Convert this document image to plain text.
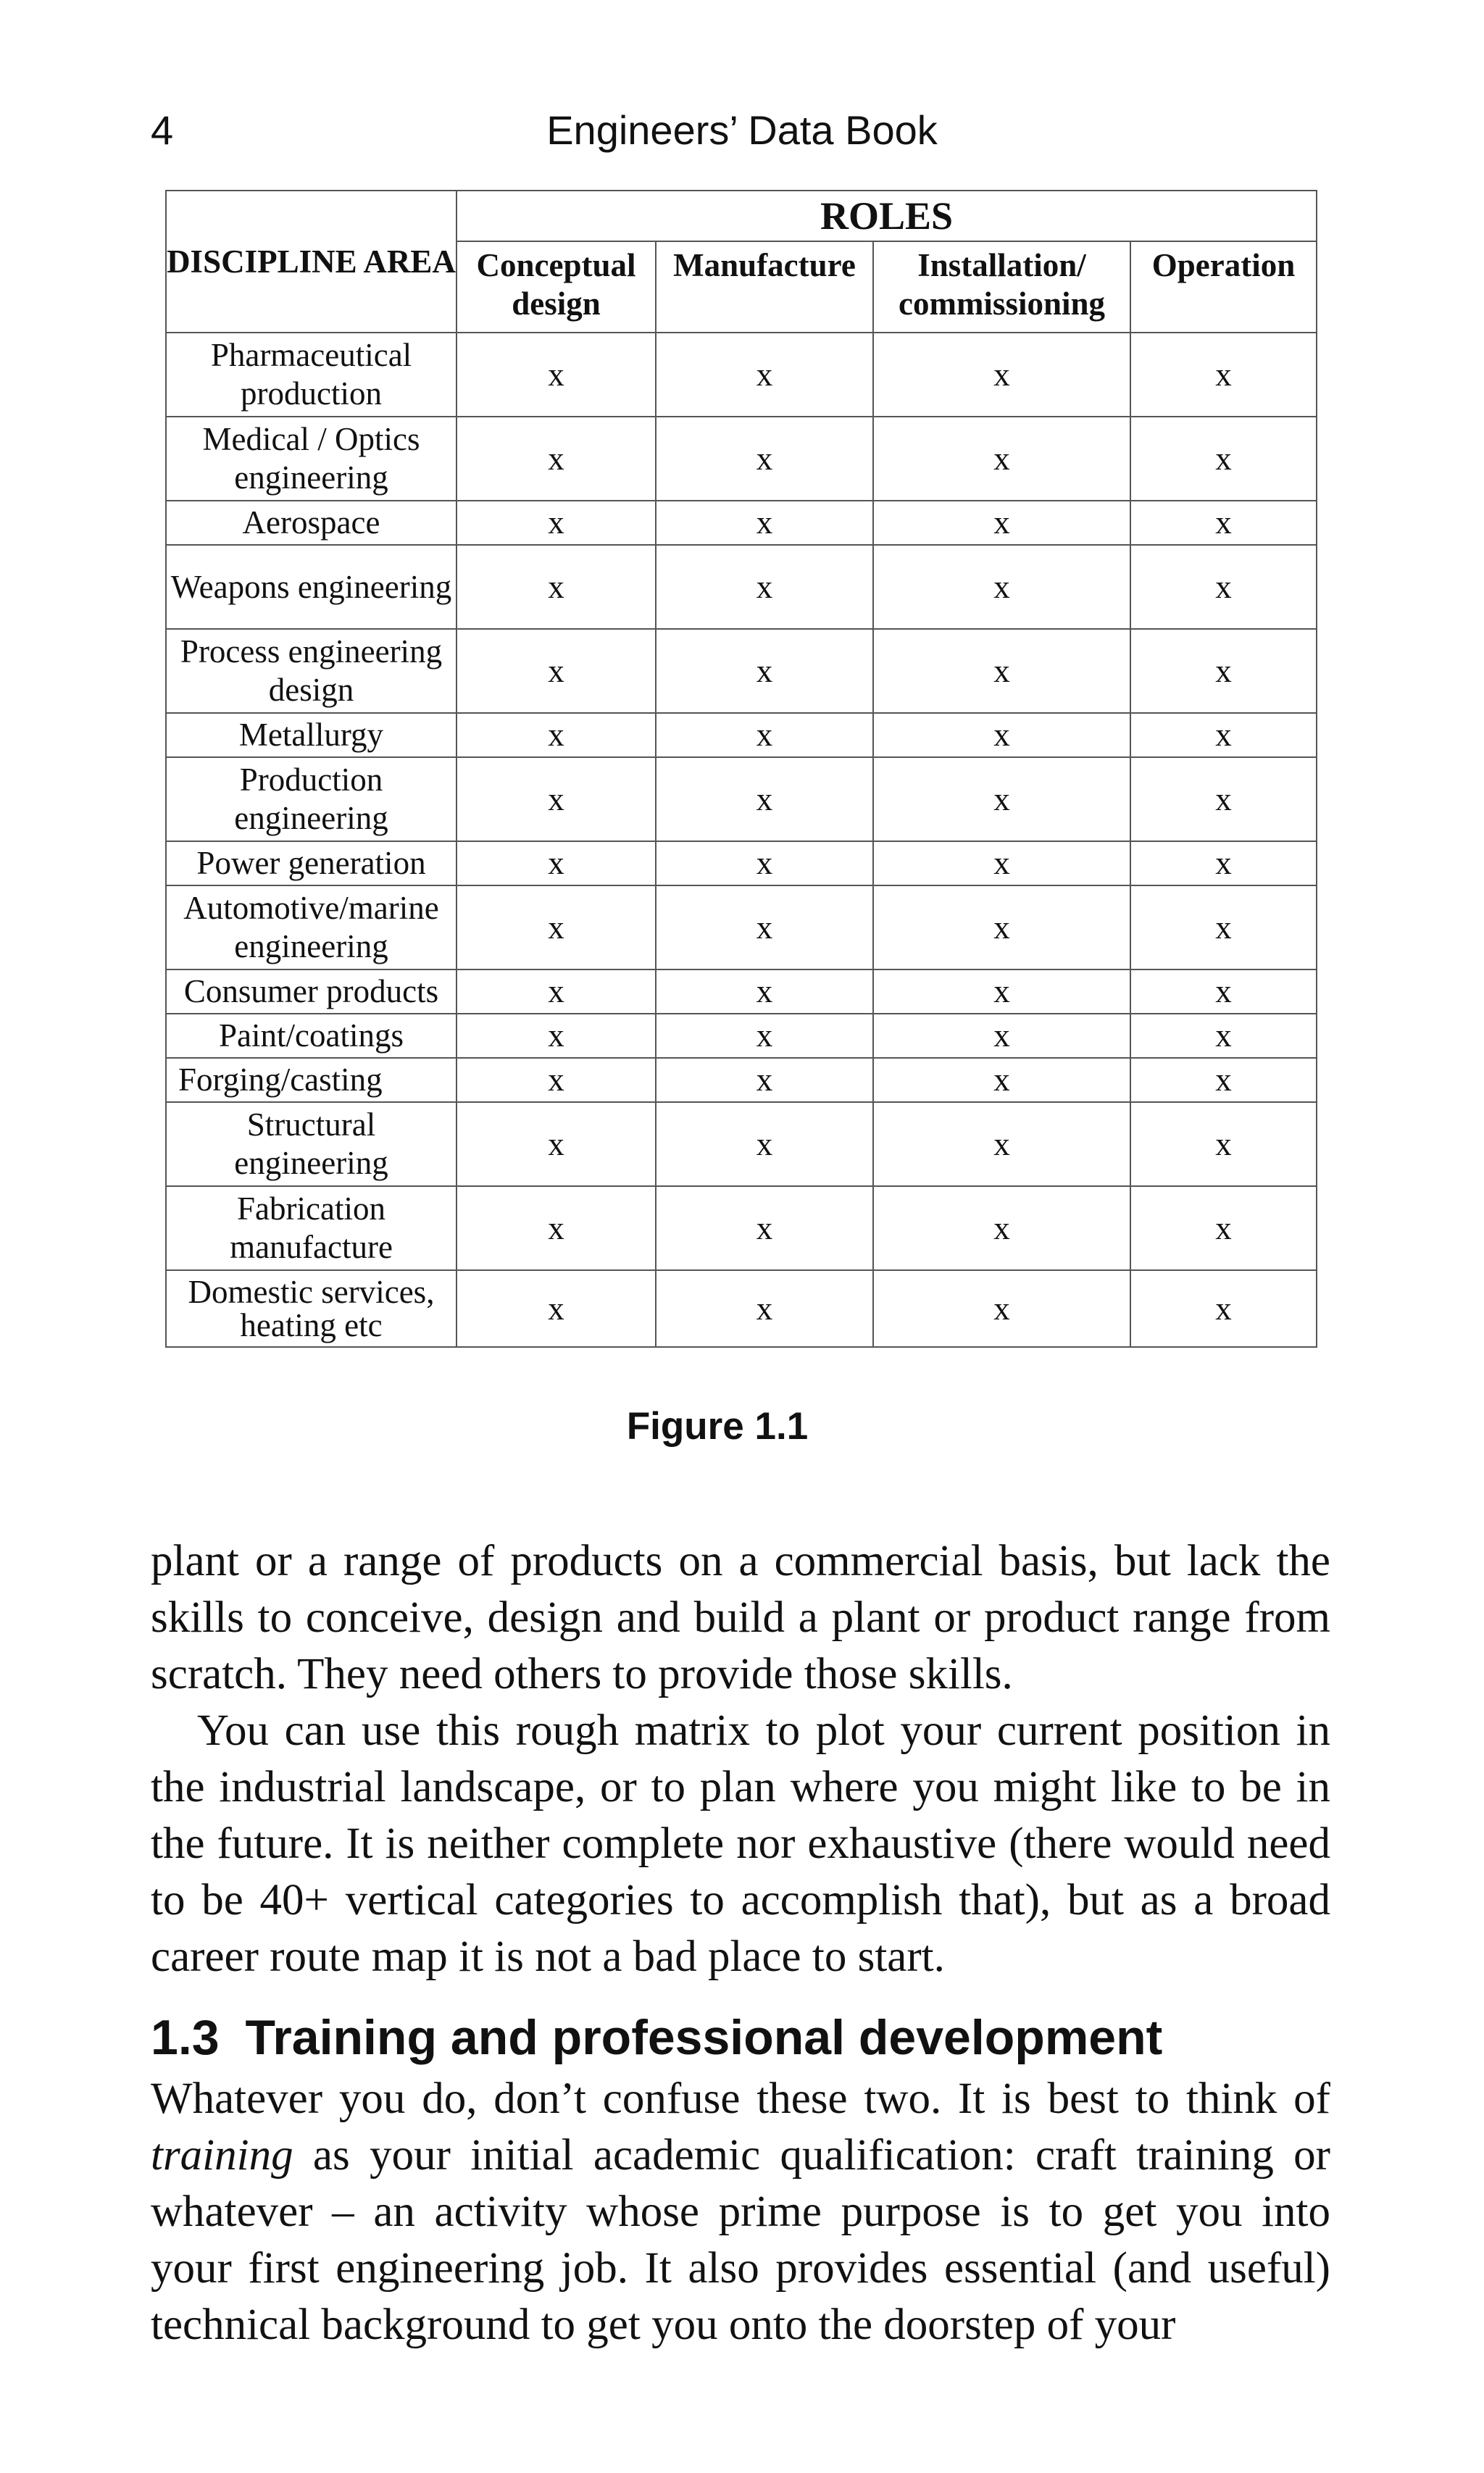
4	Engineers’ Data Book
DISCIPLINE AREA	ROLES			
	Conceptual design	Manufacture	Installation/ commissioning	Operation
Pharmaceutical production	x	x	x	x
Medical / Optics engineering	x	x	x	x
Aerospace	x	x	x	x
Weapons engineering	x	x	x	x
Process engineering design	x	x	x	x
Metallurgy	x	x	x	x
Production engineering	x	x	x	x
Power generation	x	x	x	x
Automotive/marine engineering	x	x	x	x
Consumer products	x	x	x	x
Paint/coatings	x	x	x	x
Forging/casting	x	x	x	x
Structural engineering	x	x	x	x
Fabrication manufacture	x	x	x	x
Domestic services, heating etc	x	x	x	x
Figure 1.1

plant or a range of products on a commercial basis, but lack the skills to conceive, design and build a plant or product range from scratch. They need others to provide those skills.

You can use this rough matrix to plot your current position in the industrial landscape, or to plan where you might like to be in the future. It is neither complete nor exhaustive (there would need to be 40+ vertical categories to accomplish that), but as a broad career route map it is not a bad place to start.

1.3 Training and professional development

Whatever you do, don’t confuse these two. It is best to think of training as your initial academic qualification: craft training or whatever – an activity whose prime purpose is to get you into your first engineering job. It also provides essential (and useful) technical background to get you onto the doorstep of your
